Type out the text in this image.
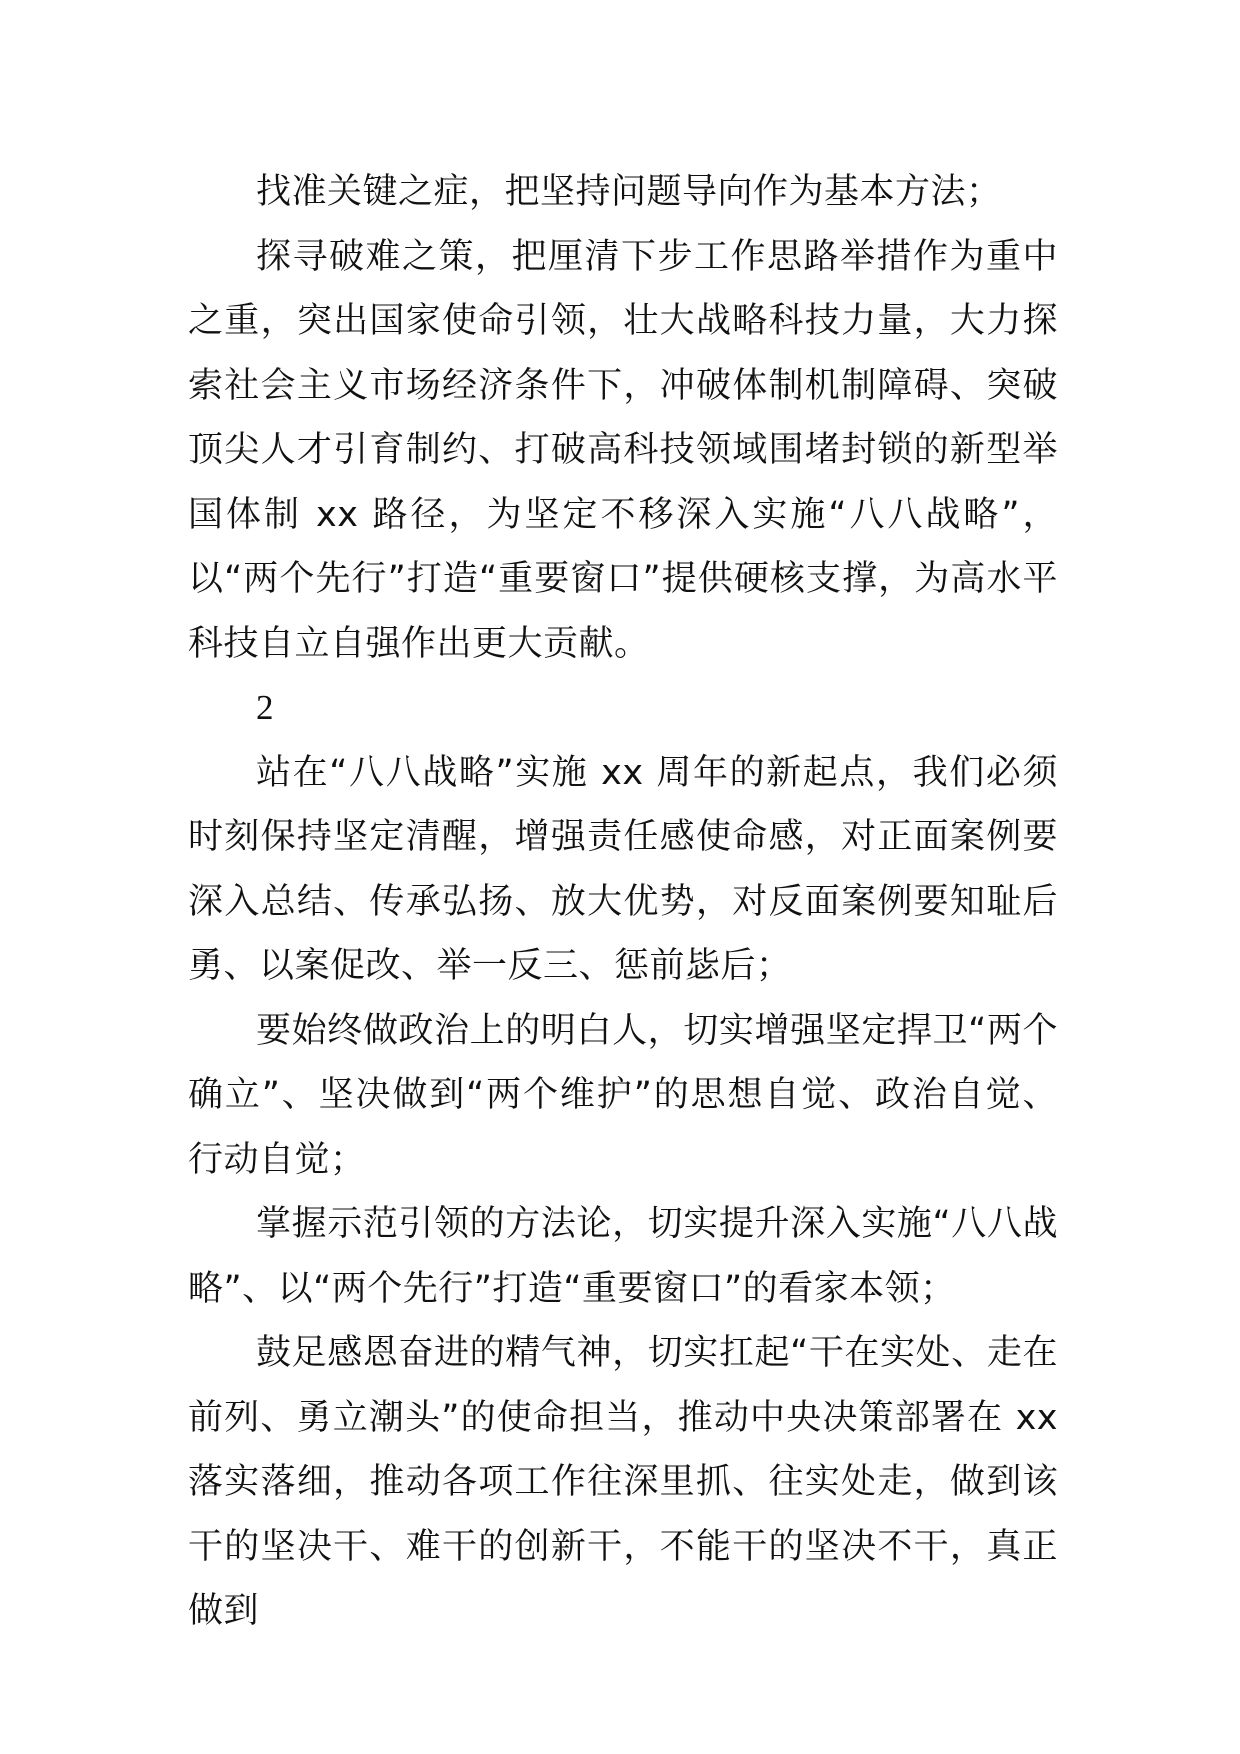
找准关键之症，把坚持问题导向作为基本方法；

探寻破难之策，把厘清下步工作思路举措作为重中之重，突出国家使命引领，壮大战略科技力量，大力探索社会主义市场经济条件下，冲破体制机制障碍、突破顶尖人才引育制约、打破高科技领域围堵封锁的新型举国体制 xx 路径，为坚定不移深入实施“八八战略”，以“两个先行”打造“重要窗口”提供硬核支撑，为高水平科技自立自强作出更大贡献。

2

站在“八八战略”实施 xx 周年的新起点，我们必须时刻保持坚定清醒，增强责任感使命感，对正面案例要深入总结、传承弘扬、放大优势，对反面案例要知耻后勇、以案促改、举一反三、惩前毖后；

要始终做政治上的明白人，切实增强坚定捍卫“两个确立”、坚决做到“两个维护”的思想自觉、政治自觉、行动自觉；

掌握示范引领的方法论，切实提升深入实施“八八战略”、以“两个先行”打造“重要窗口”的看家本领；

鼓足感恩奋进的精气神，切实扛起“干在实处、走在前列、勇立潮头”的使命担当，推动中央决策部署在 xx 落实落细，推动各项工作往深里抓、往实处走，做到该干的坚决干、难干的创新干，不能干的坚决不干，真正做到
